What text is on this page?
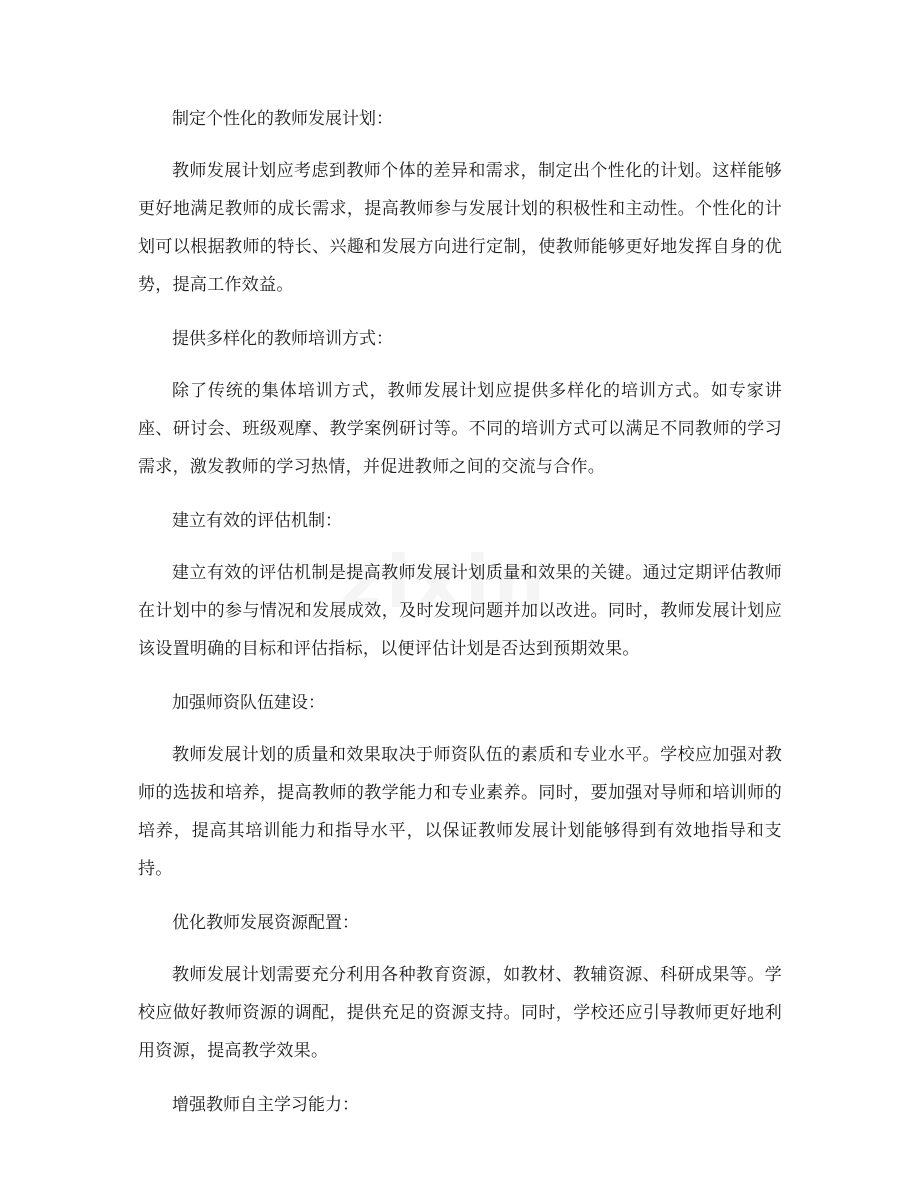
制定个性化的教师发展计划：

教师发展计划应考虑到教师个体的差异和需求，制定出个性化的计划。这样能够更好地满足教师的成长需求，提高教师参与发展计划的积极性和主动性。个性化的计划可以根据教师的特长、兴趣和发展方向进行定制，使教师能够更好地发挥自身的优势，提高工作效益。

提供多样化的教师培训方式：

除了传统的集体培训方式，教师发展计划应提供多样化的培训方式。如专家讲座、研讨会、班级观摩、教学案例研讨等。不同的培训方式可以满足不同教师的学习需求，激发教师的学习热情，并促进教师之间的交流与合作。

建立有效的评估机制：

建立有效的评估机制是提高教师发展计划质量和效果的关键。通过定期评估教师在计划中的参与情况和发展成效，及时发现问题并加以改进。同时，教师发展计划应该设置明确的目标和评估指标，以便评估计划是否达到预期效果。

加强师资队伍建设：

教师发展计划的质量和效果取决于师资队伍的素质和专业水平。学校应加强对教师的选拔和培养，提高教师的教学能力和专业素养。同时，要加强对导师和培训师的培养，提高其培训能力和指导水平，以保证教师发展计划能够得到有效地指导和支持。

优化教师发展资源配置：

教师发展计划需要充分利用各种教育资源，如教材、教辅资源、科研成果等。学校应做好教师资源的调配，提供充足的资源支持。同时，学校还应引导教师更好地利用资源，提高教学效果。

增强教师自主学习能力：
